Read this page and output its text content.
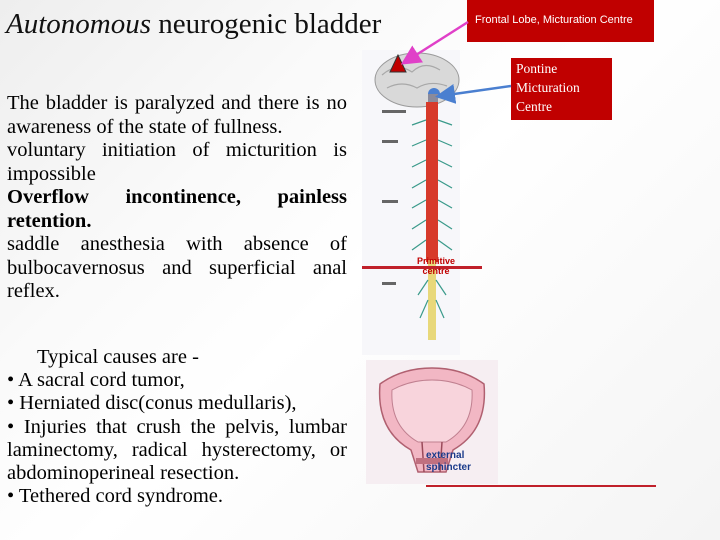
Autonomous neurogenic bladder	Frontal Lobe, Micturation Centre
Pontine Micturation Centre

The bladder is paralyzed and there is no awareness of the state of fullness.
voluntary initiation of micturition is impossible
Overflow incontinence, painless retention.
saddle anesthesia with absence of bulbocavernosus and superficial anal reflex.

Typical causes are -
• A sacral cord tumor,
• Herniated disc(conus medullaris),
• Injuries that crush the pelvis, lumbar laminectomy, radical hysterectomy, or abdominoperineal resection.
• Tethered cord syndrome.
Primitive centre
external sphincter
